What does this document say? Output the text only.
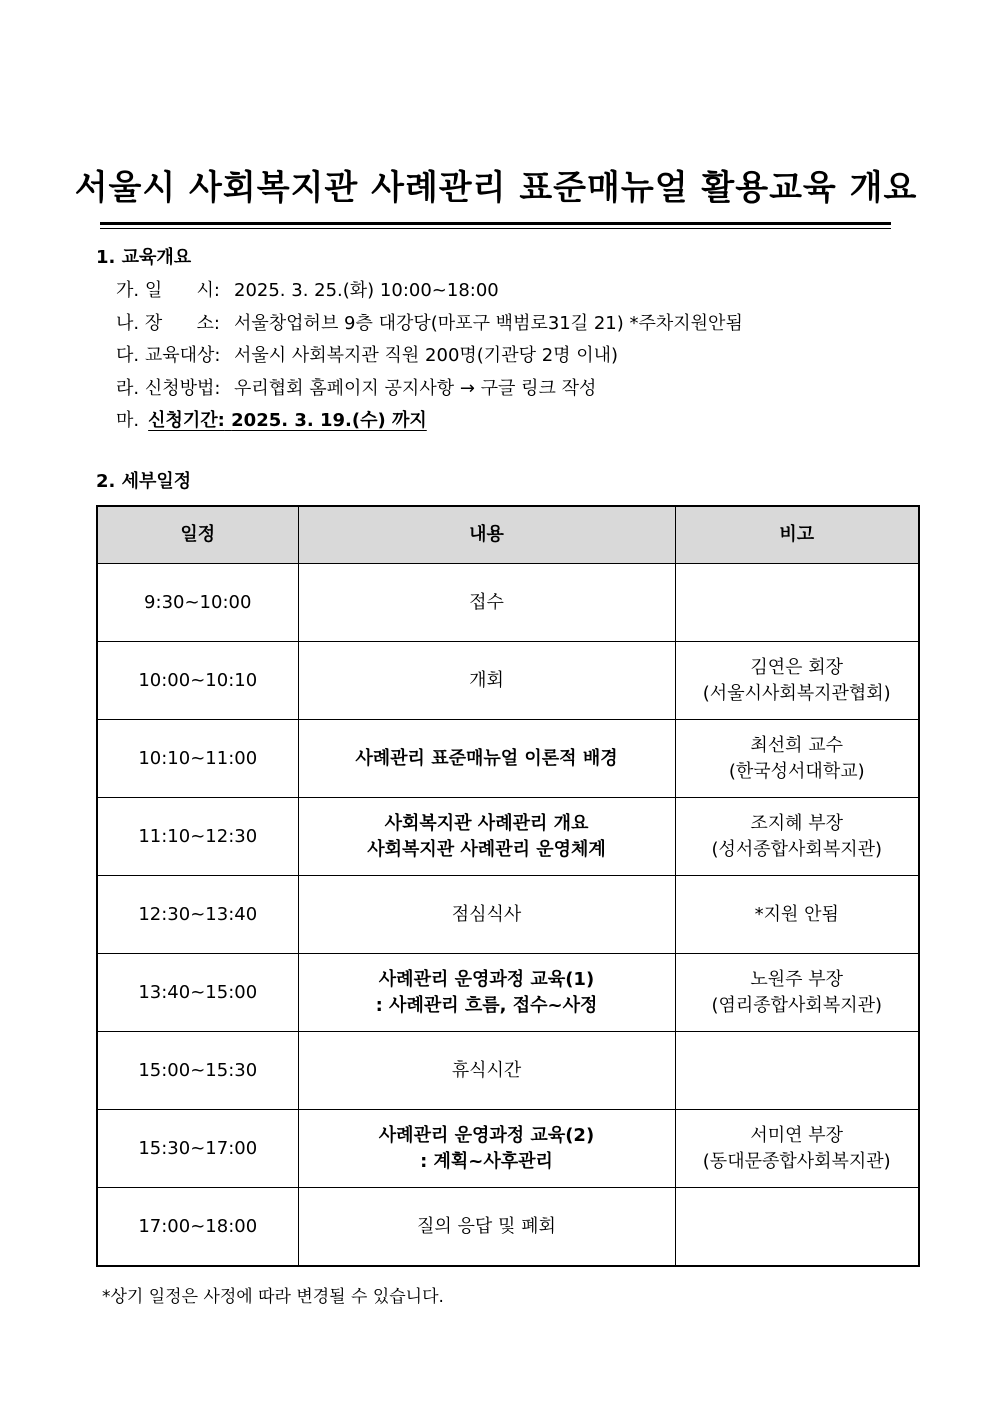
서울시 사회복지관 사례관리 표준매뉴얼 활용교육 개요
1. 교육개요
가. 일      시: 2025. 3. 25.(화) 10:00~18:00
나. 장      소: 서울창업허브 9층 대강당(마포구 백범로31길 21) *주차지원안됨
다. 교육대상: 서울시 사회복지관 직원 200명(기관당 2명 이내)
라. 신청방법: 우리협회 홈페이지 공지사항 → 구글 링크 작성
마. 신청기간: 2025. 3. 19.(수) 까지
2. 세부일정
일정	내용	비고
9:30~10:00	접수	

10:00~10:10	개회	김연은 회장
(서울시사회복지관협회)

10:10~11:00	사례관리 표준매뉴얼 이론적 배경	최선희 교수
(한국성서대학교)

11:10~12:30	사회복지관 사례관리 개요
사회복지관 사례관리 운영체계	조지혜 부장
(성서종합사회복지관)

12:30~13:40	점심식사	*지원 안됨

13:40~15:00	사례관리 운영과정 교육(1)
: 사례관리 흐름, 접수~사정	노원주 부장
(염리종합사회복지관)

15:00~15:30	휴식시간	

15:30~17:00	사례관리 운영과정 교육(2)
: 계획~사후관리	서미연 부장
(동대문종합사회복지관)

17:00~18:00	질의 응답 및 폐회	

*상기 일정은 사정에 따라 변경될 수 있습니다.
